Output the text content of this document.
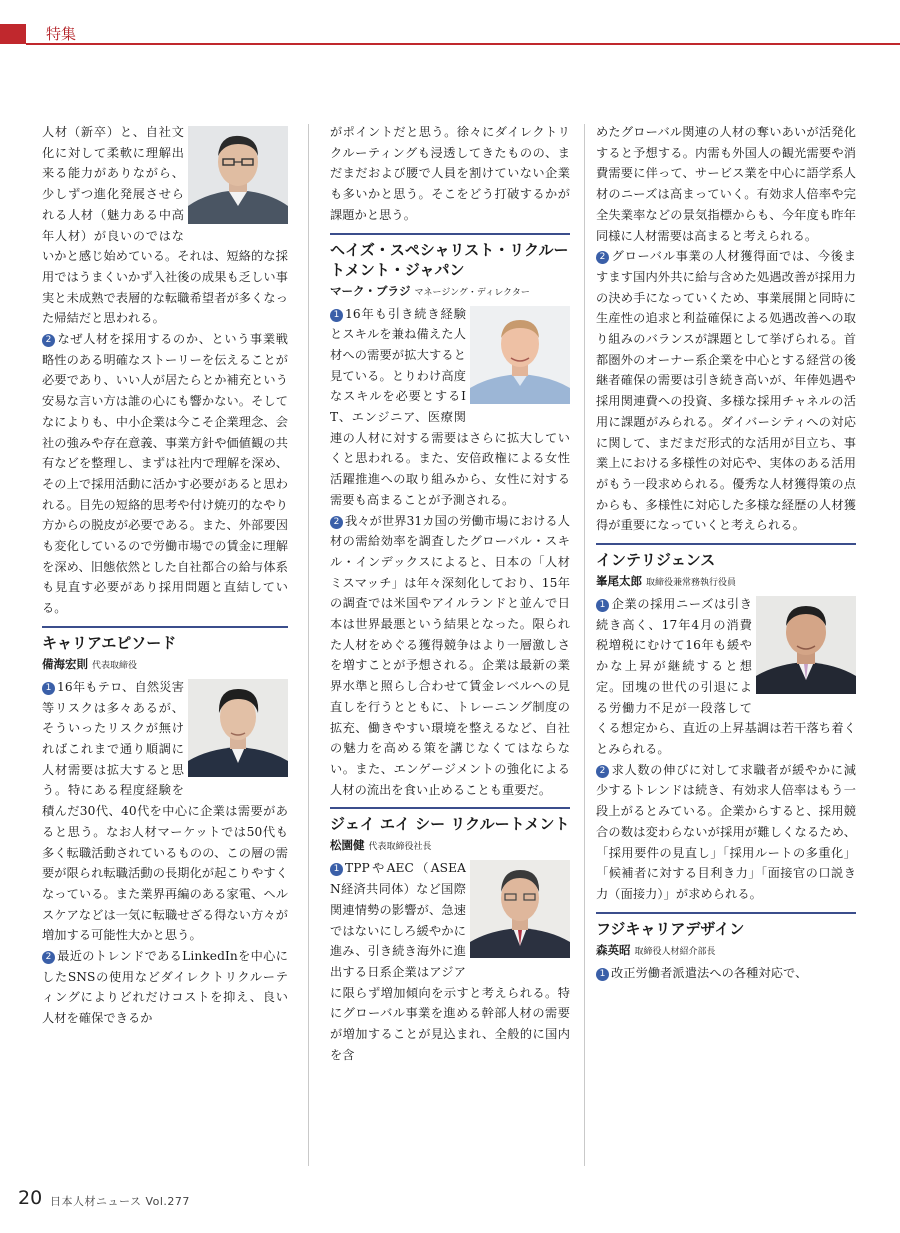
特集

人材（新卒）と、自社文化に対して柔軟に理解出来る能力がありながら、少しずつ進化発展させられる人材（魅力ある中高年人材）が良いのではないかと感じ始めている。それは、短絡的な採用ではうまくいかず入社後の成果も乏しい事実と未成熟で表層的な転職希望者が多くなった帰結だと思われる。

2 なぜ人材を採用するのか、という事業戦略性のある明確なストーリーを伝えることが必要であり、いい人が居たらとか補充という安易な言い方は誰の心にも響かない。そしてなによりも、中小企業は今こそ企業理念、会社の強みや存在意義、事業方針や価値観の共有などを整理し、まずは社内で理解を深め、その上で採用活動に活かす必要があると思われる。目先の短絡的思考や付け焼刃的なやり方からの脱皮が必要である。また、外部要因も変化しているので労働市場での賃金に理解を深め、旧態依然とした自社都合の給与体系も見直す必要があり採用問題と直結している。

キャリアエピソード
備海宏則 代表取締役

1 16年もテロ、自然災害等リスクは多々あるが、そういったリスクが無ければこれまで通り順調に人材需要は拡大すると思う。特にある程度経験を積んだ30代、40代を中心に企業は需要があると思う。なお人材マーケットでは50代も多く転職活動されているものの、この層の需要が限られ転職活動の長期化が起こりやすくなっている。また業界再編のある家電、ヘルスケアなどは一気に転職せざる得ない方々が増加する可能性大かと思う。

2 最近のトレンドであるLinkedInを中心にしたSNSの使用などダイレクトリクルーティングによりどれだけコストを抑え、良い人材を確保できるか

がポイントだと思う。徐々にダイレクトリクルーティングも浸透してきたものの、まだまだおよび腰で人員を割けていない企業も多いかと思う。そこをどう打破するかが課題かと思う。

ヘイズ・スペシャリスト・リクルートメント・ジャパン
マーク・ブラジ マネージング・ディレクター

1 16年も引き続き経験とスキルを兼ね備えた人材への需要が拡大すると見ている。とりわけ高度なスキルを必要とするIT、エンジニア、医療関連の人材に対する需要はさらに拡大していくと思われる。また、安倍政権による女性活躍推進への取り組みから、女性に対する需要も高まることが予測される。

2 我々が世界31カ国の労働市場における人材の需給効率を調査したグローバル・スキル・インデックスによると、日本の「人材ミスマッチ」は年々深刻化しており、15年の調査では米国やアイルランドと並んで日本は世界最悪という結果となった。限られた人材をめぐる獲得競争はより一層激しさを増すことが予想される。企業は最新の業界水準と照らし合わせて賃金レベルへの見直しを行うとともに、トレーニング制度の拡充、働きやすい環境を整えるなど、自社の魅力を高める策を講じなくてはならない。また、エンゲージメントの強化による人材の流出を食い止めることも重要だ。

ジェイ エイ シー リクルートメント
松園健 代表取締役社長

1 TPPやAEC（ASEAN経済共同体）など国際関連情勢の影響が、急速ではないにしろ緩やかに進み、引き続き海外に進出する日系企業はアジアに限らず増加傾向を示すと考えられる。特にグローバル事業を進める幹部人材の需要が増加することが見込まれ、全般的に国内を含

めたグローバル関連の人材の奪いあいが活発化すると予想する。内需も外国人の観光需要や消費需要に伴って、サービス業を中心に語学系人材のニーズは高まっていく。有効求人倍率や完全失業率などの景気指標からも、今年度も昨年同様に人材需要は高まると考えられる。

2 グローバル事業の人材獲得面では、今後ますます国内外共に給与含めた処遇改善が採用力の決め手になっていくため、事業展開と同時に生産性の追求と利益確保による処遇改善への取り組みのバランスが課題として挙げられる。首都圏外のオーナー系企業を中心とする経営の後継者確保の需要は引き続き高いが、年俸処遇や採用関連費への投資、多様な採用チャネルの活用に課題がみられる。ダイバーシティへの対応に関して、まだまだ形式的な活用が目立ち、事業上における多様性の対応や、実体のある活用がもう一段求められる。優秀な人材獲得策の点からも、多様性に対応した多様な経歴の人材獲得が重要になっていくと考えられる。

インテリジェンス
峯尾太郎 取締役兼常務執行役員

1 企業の採用ニーズは引き続き高く、17年4月の消費税増税にむけて16年も緩やかな上昇が継続すると想定。団塊の世代の引退による労働力不足が一段落してくる想定から、直近の上昇基調は若干落ち着くとみられる。

2 求人数の伸びに対して求職者が緩やかに減少するトレンドは続き、有効求人倍率はもう一段上がるとみている。企業からすると、採用競合の数は変わらないが採用が難しくなるため、「採用要件の見直し」「採用ルートの多重化」「候補者に対する目利き力」「面接官の口説き力（面接力）」が求められる。

フジキャリアデザイン
森英昭 取締役人材紹介部長

1 改正労働者派遣法への各種対応で、

20 日本人材ニュース Vol.277
